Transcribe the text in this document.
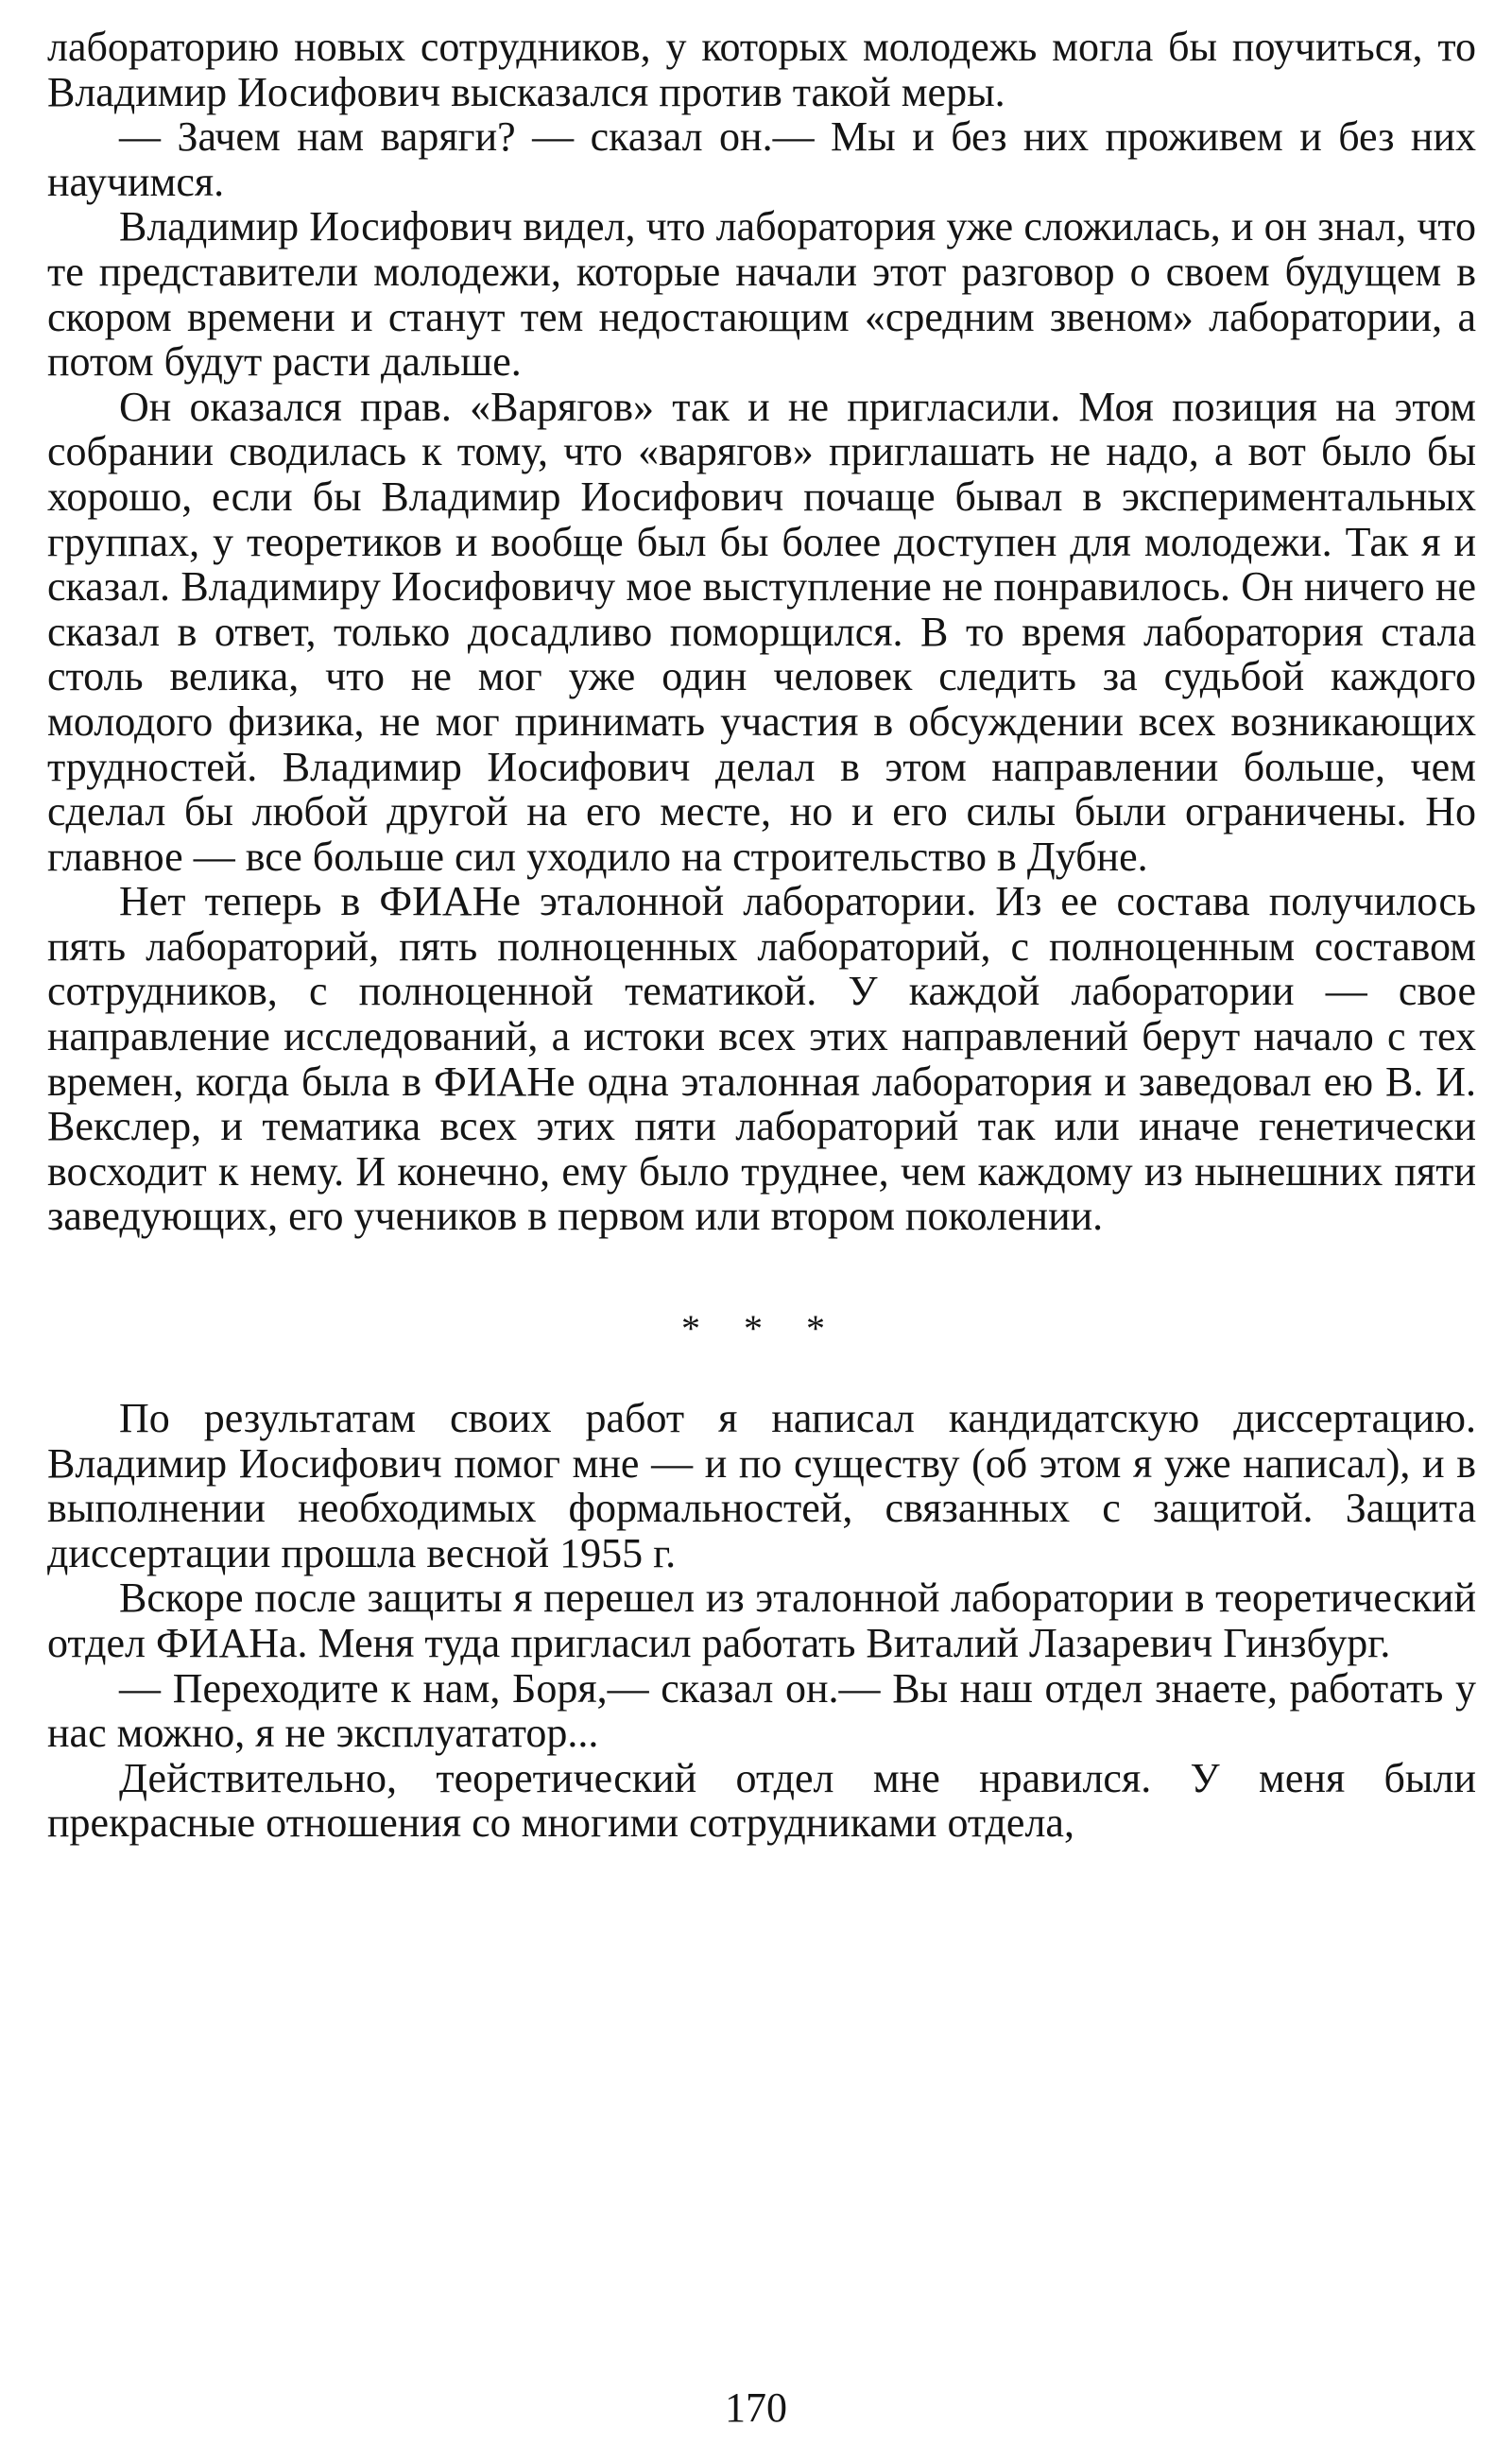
лабораторию новых сотрудников, у которых молодежь могла бы поучиться, то Владимир Иосифович высказался против такой меры.

— Зачем нам варяги? — сказал он.— Мы и без них проживем и без них научимся.

Владимир Иосифович видел, что лаборатория уже сложилась, и он знал, что те представители молодежи, которые начали этот разговор о своем будущем в скором времени и станут тем недостающим «средним звеном» лаборатории, а потом будут расти дальше.

Он оказался прав. «Варягов» так и не пригласили. Моя позиция на этом собрании сводилась к тому, что «варягов» приглашать не надо, а вот было бы хорошо, если бы Владимир Иосифович почаще бывал в экспериментальных группах, у теоретиков и вообще был бы более доступен для молодежи. Так я и сказал. Владимиру Иосифовичу мое выступление не понравилось. Он ничего не сказал в ответ, только досадливо поморщился. В то время лаборатория стала столь велика, что не мог уже один человек следить за судьбой каждого молодого физика, не мог принимать участия в обсуждении всех возникающих трудностей. Владимир Иосифович делал в этом направлении больше, чем сделал бы любой другой на его месте, но и его силы были ограничены. Но главное — все больше сил уходило на строительство в Дубне.

Нет теперь в ФИАНе эталонной лаборатории. Из ее состава получилось пять лабораторий, пять полноценных лабораторий, с полноценным составом сотрудников, с полноценной тематикой. У каждой лаборатории — свое направление исследований, а истоки всех этих направлений берут начало с тех времен, когда была в ФИАНе одна эталонная лаборатория и заведовал ею В. И. Векслер, и тематика всех этих пяти лабораторий так или иначе генетически восходит к нему. И конечно, ему было труднее, чем каждому из нынешних пяти заведующих, его учеников в первом или втором поколении.

* * *

По результатам своих работ я написал кандидатскую диссертацию. Владимир Иосифович помог мне — и по существу (об этом я уже написал), и в выполнении необходимых формальностей, связанных с защитой. Защита диссертации прошла весной 1955 г.

Вскоре после защиты я перешел из эталонной лаборатории в теоретический отдел ФИАНа. Меня туда пригласил работать Виталий Лазаревич Гинзбург.

— Переходите к нам, Боря,— сказал он.— Вы наш отдел знаете, работать у нас можно, я не эксплуататор...

Действительно, теоретический отдел мне нравился. У меня были прекрасные отношения со многими сотрудниками отдела,

170
